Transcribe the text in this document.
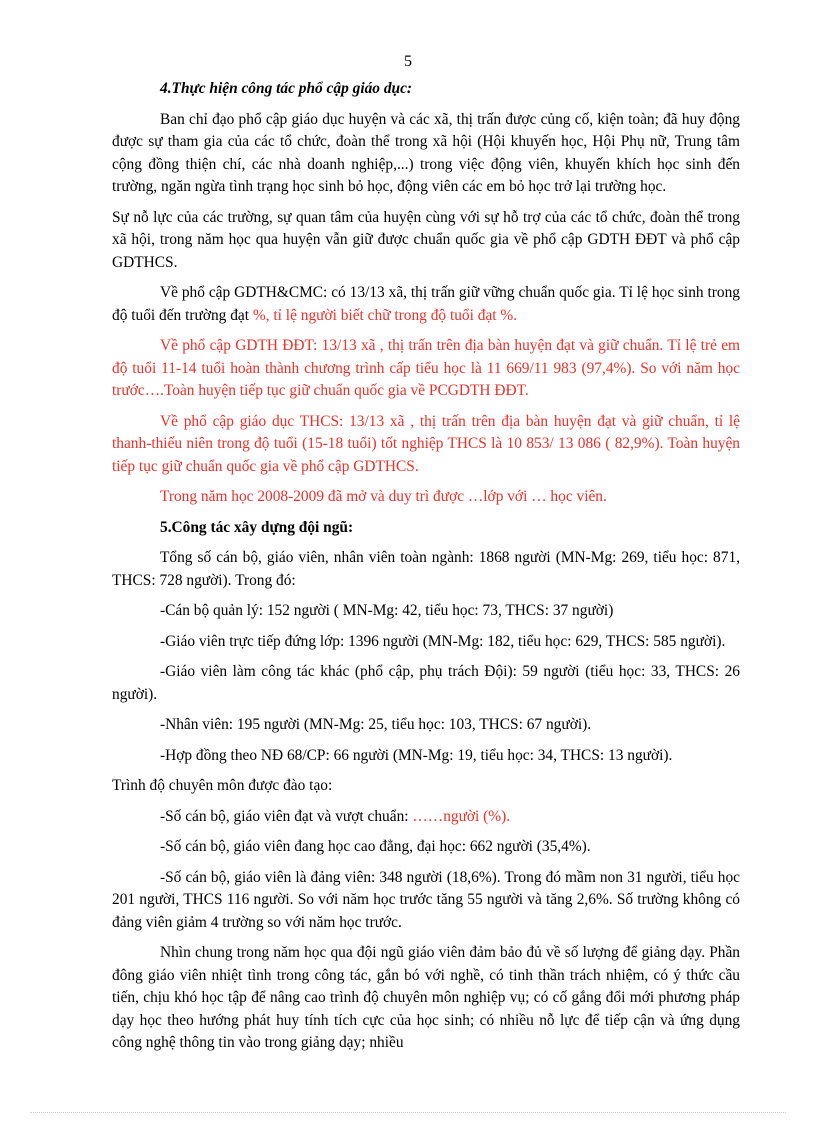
5

4.Thực hiện công tác phổ cập giáo dục:

Ban chỉ đạo phổ cập giáo dục huyện và các xã, thị trấn được củng cố, kiện toàn; đã huy động được sự tham gia của các tổ chức, đoàn thể trong xã hội (Hội khuyến học, Hội Phụ nữ, Trung tâm cộng đồng thiện chí, các nhà doanh nghiệp,...) trong việc động viên, khuyến khích học sinh đến trường, ngăn ngừa tình trạng học sinh bỏ học, động viên các em bỏ học trở lại trường học.

Sự nỗ lực của các trường, sự quan tâm của huyện cùng với sự hỗ trợ của các tổ chức, đoàn thể trong xã hội, trong năm học qua huyện vẫn giữ được chuẩn quốc gia về phổ cập GDTH ĐĐT và phổ cập GDTHCS.

Về phổ cập GDTH&CMC: có 13/13 xã, thị trấn giữ vững chuẩn quốc gia. Tỉ lệ học sinh trong độ tuổi đến trường đạt %, tỉ lệ người biết chữ trong độ tuổi đạt %.

Về phổ cập GDTH ĐĐT: 13/13 xã , thị trấn trên địa bàn huyện đạt và giữ chuẩn. Tỉ lệ trẻ em độ tuổi 11-14 tuổi hoàn thành chương trình cấp tiểu học là 11 669/11 983 (97,4%). So với năm học trước….Toàn huyện tiếp tục giữ chuẩn quốc gia về PCGDTH ĐĐT.

Về phổ cập giáo dục THCS: 13/13 xã , thị trấn trên địa bàn huyện đạt và giữ chuẩn, tỉ lệ thanh-thiếu niên trong độ tuổi (15-18 tuổi) tốt nghiệp THCS là 10 853/ 13 086 ( 82,9%). Toàn huyện tiếp tục giữ chuẩn quốc gia về phổ cập GDTHCS.

Trong năm học 2008-2009 đã mở và duy trì được …lớp với … học viên.

5.Công tác xây dựng đội ngũ:

Tổng số cán bộ, giáo viên, nhân viên toàn ngành: 1868 người (MN-Mg: 269, tiểu học: 871, THCS: 728 người). Trong đó:

-Cán bộ quản lý: 152 người ( MN-Mg: 42, tiểu học: 73, THCS: 37 người)

-Giáo viên trực tiếp đứng lớp: 1396 người (MN-Mg: 182, tiểu học: 629, THCS: 585 người).

-Giáo viên làm công tác khác (phổ cập, phụ trách Đội): 59 người (tiểu học: 33, THCS: 26 người).

-Nhân viên: 195 người (MN-Mg: 25, tiểu học: 103, THCS: 67 người).

-Hợp đồng theo NĐ 68/CP: 66 người (MN-Mg: 19, tiểu học: 34, THCS: 13 người).

Trình độ chuyên môn được đào tạo:

-Số cán bộ, giáo viên đạt và vượt chuẩn: ……người (%).

-Số cán bộ, giáo viên đang học cao đẳng, đại học: 662 người (35,4%).

-Số cán bộ, giáo viên là đảng viên: 348 người (18,6%). Trong đó mầm non 31 người, tiểu học 201 người, THCS 116 người. So với năm học trước tăng 55 người và tăng 2,6%. Số trường không có đảng viên giảm 4 trường so với năm học trước.

Nhìn chung trong năm học qua đội ngũ giáo viên đảm bảo đủ về số lượng để giảng dạy. Phần đông giáo viên nhiệt tình trong công tác, gắn bó với nghề, có tinh thần trách nhiệm, có ý thức cầu tiến, chịu khó học tập để nâng cao trình độ chuyên môn nghiệp vụ; có cố gắng đổi mới phương pháp dạy học theo hướng phát huy tính tích cực của học sinh; có nhiều nỗ lực để tiếp cận và ứng dụng công nghệ thông tin vào trong giảng dạy; nhiều
